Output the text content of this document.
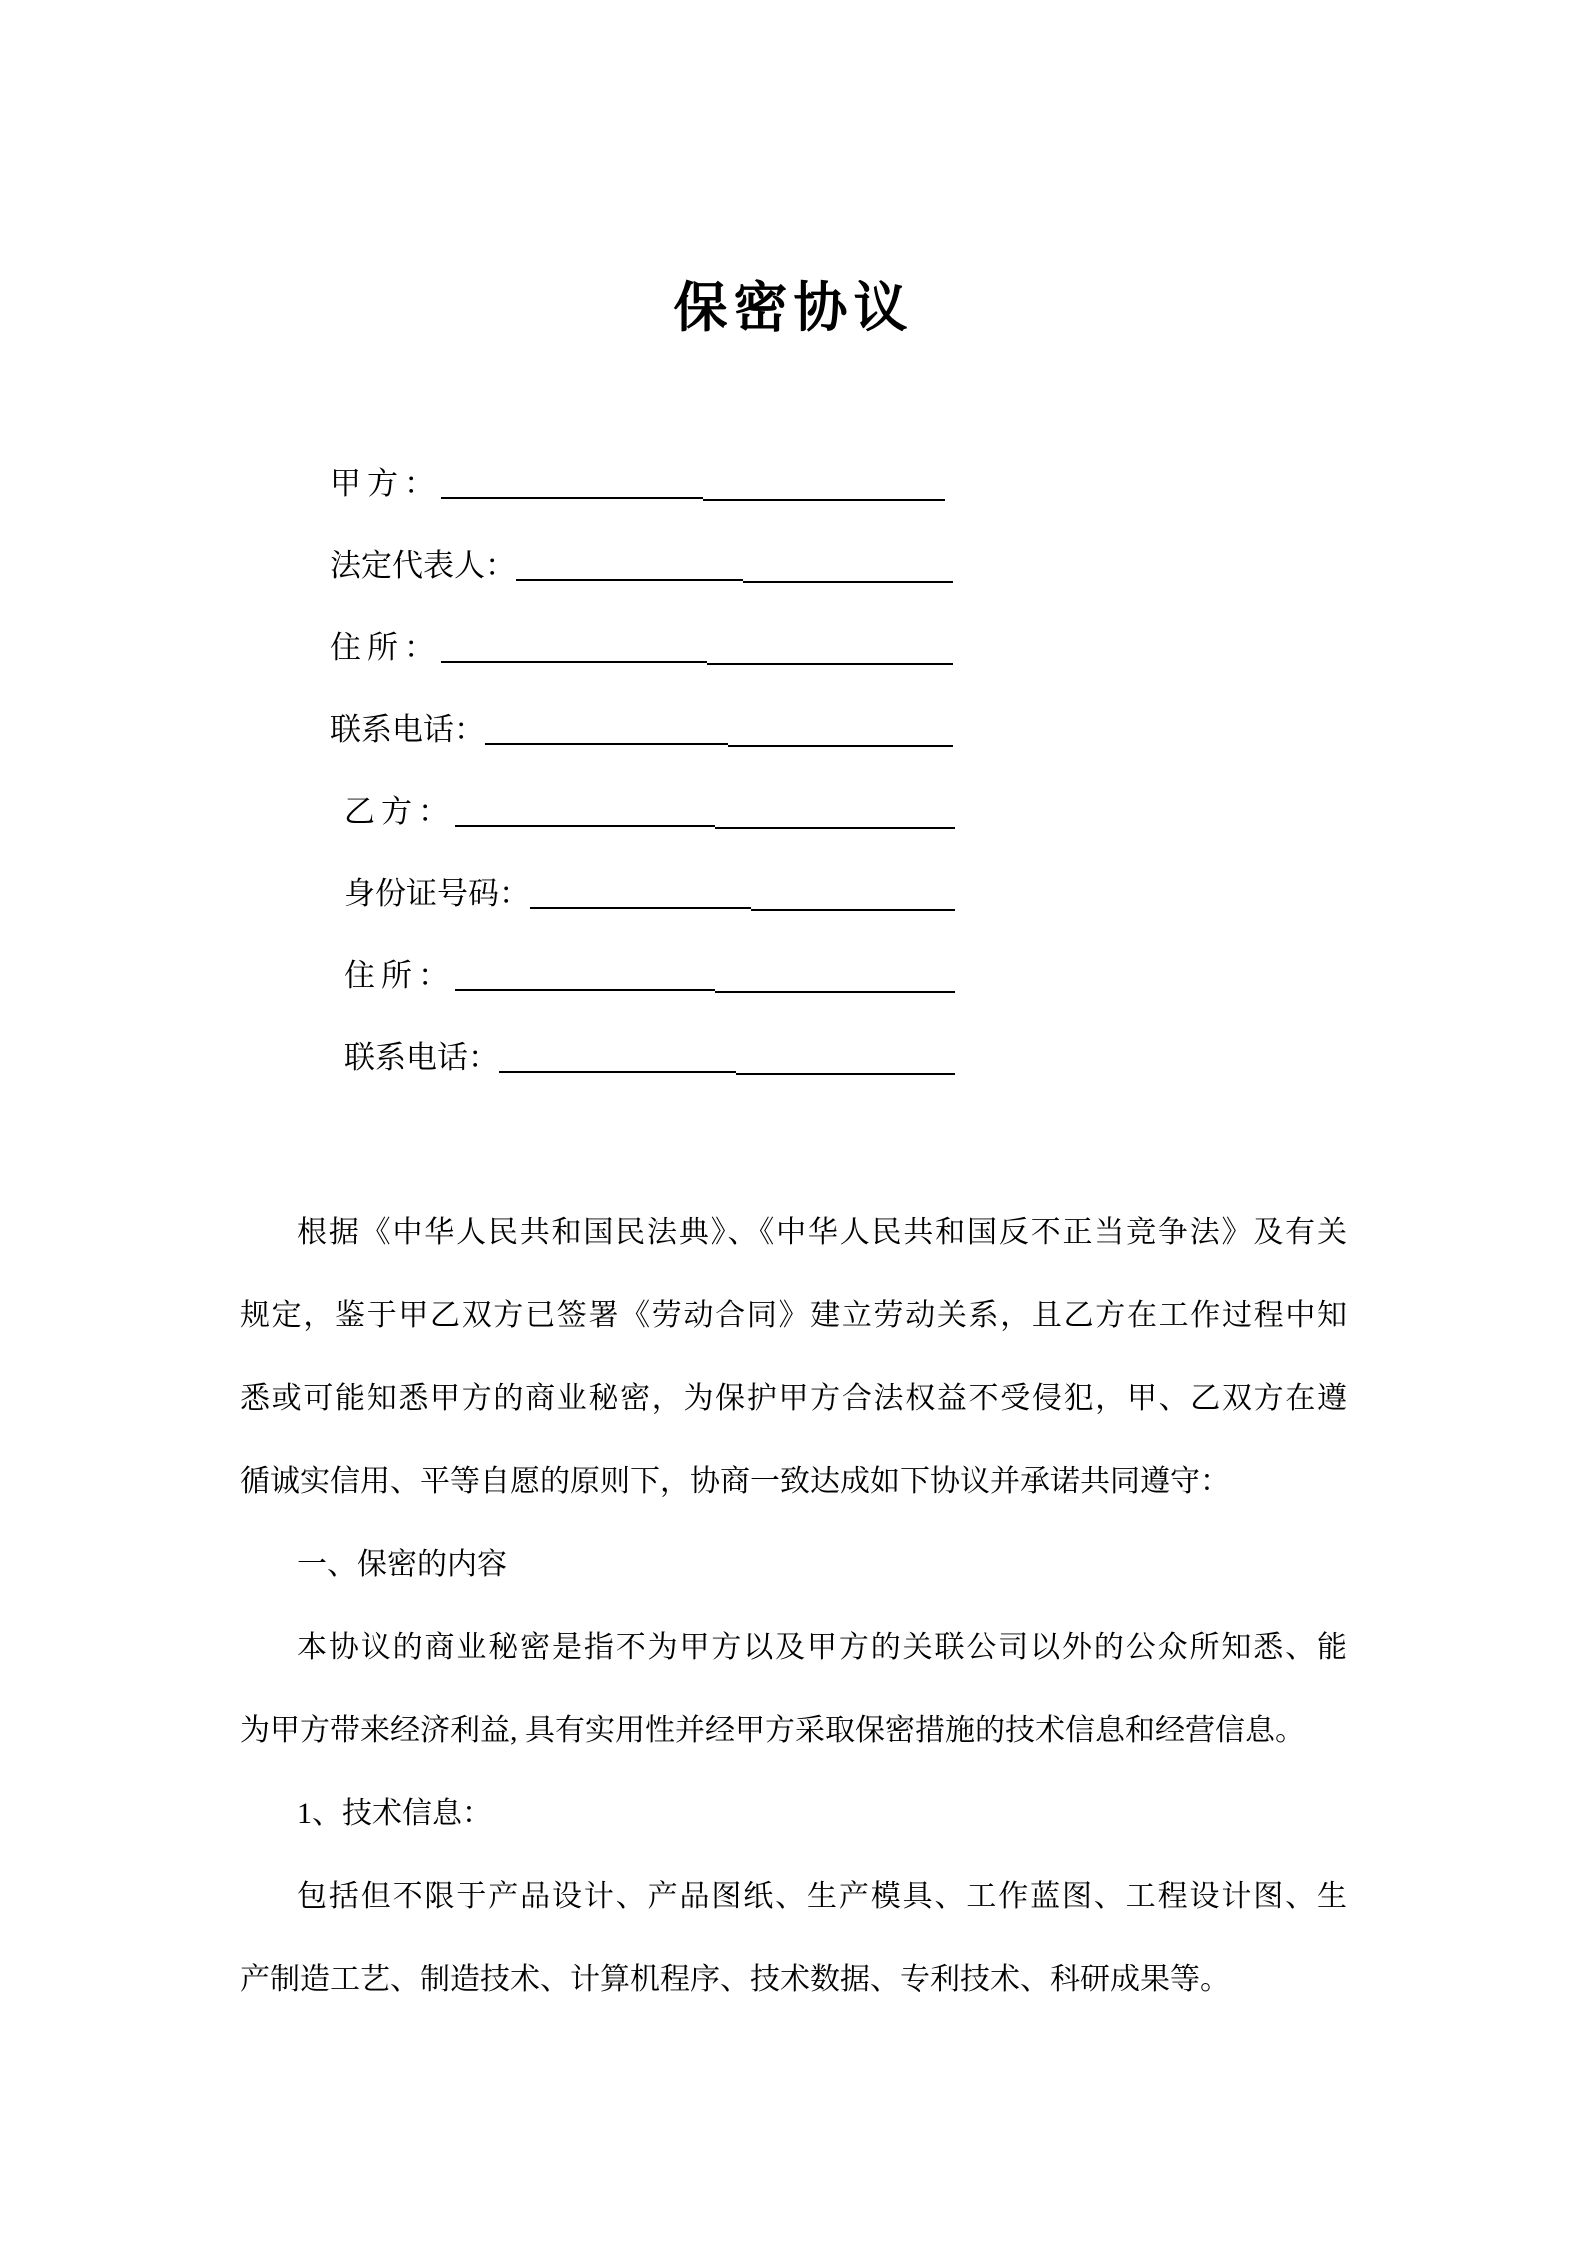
保密协议
甲方：
法定代表人：
住所：
联系电话：
乙方：
身份证号码：
住所：
联系电话：
根据《中华人民共和国民法典》、《中华人民共和国反不正当竞争法》及有关
规定，鉴于甲乙双方已签署《劳动合同》建立劳动关系，且乙方在工作过程中知
悉或可能知悉甲方的商业秘密，为保护甲方合法权益不受侵犯，甲、乙双方在遵
循诚实信用、平等自愿的原则下，协商一致达成如下协议并承诺共同遵守：
一、保密的内容
本协议的商业秘密是指不为甲方以及甲方的关联公司以外的公众所知悉、能
为甲方带来经济利益, 具有实用性并经甲方采取保密措施的技术信息和经营信息。
1、技术信息：
包括但不限于产品设计、产品图纸、生产模具、工作蓝图、工程设计图、生
产制造工艺、制造技术、计算机程序、技术数据、专利技术、科研成果等。
